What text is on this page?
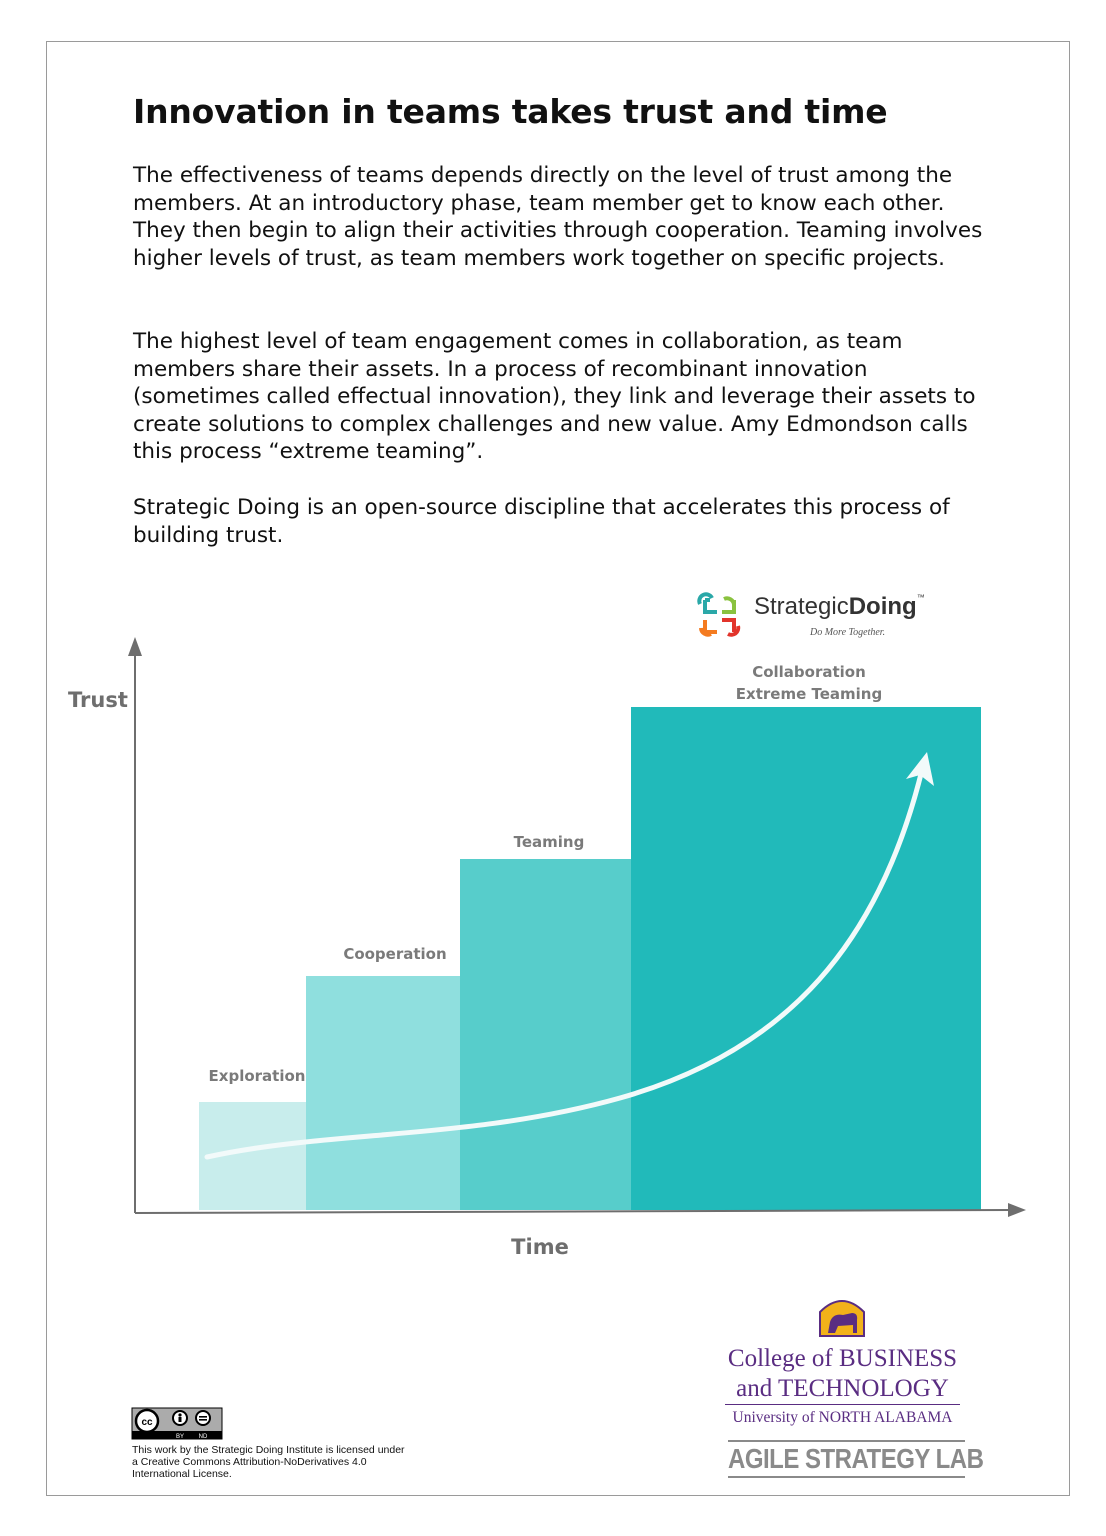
Innovation in teams takes trust and time

The effectiveness of teams depends directly on the level of trust among the members. At an introductory phase, team member get to know each other. They then begin to align their activities through cooperation. Teaming involves higher levels of trust, as team members work together on specific projects.

The highest level of team engagement comes in collaboration, as team members share their assets. In a process of recombinant innovation (sometimes called effectual innovation), they link and leverage their assets to create solutions to complex challenges and new value. Amy Edmondson calls this process “extreme teaming”.

Strategic Doing is an open-source discipline that accelerates this process of building trust.

Trust
Time
Exploration
Cooperation
Teaming
Collaboration
Extreme Teaming
cc
BY ND
StrategicDoing™
Do More Together.
College of BUSINESS
and TECHNOLOGY
University of NORTH ALABAMA
AGILE STRATEGY LAB

This work by the Strategic Doing Institute is licensed under a Creative Commons Attribution-NoDerivatives 4.0 International License.
